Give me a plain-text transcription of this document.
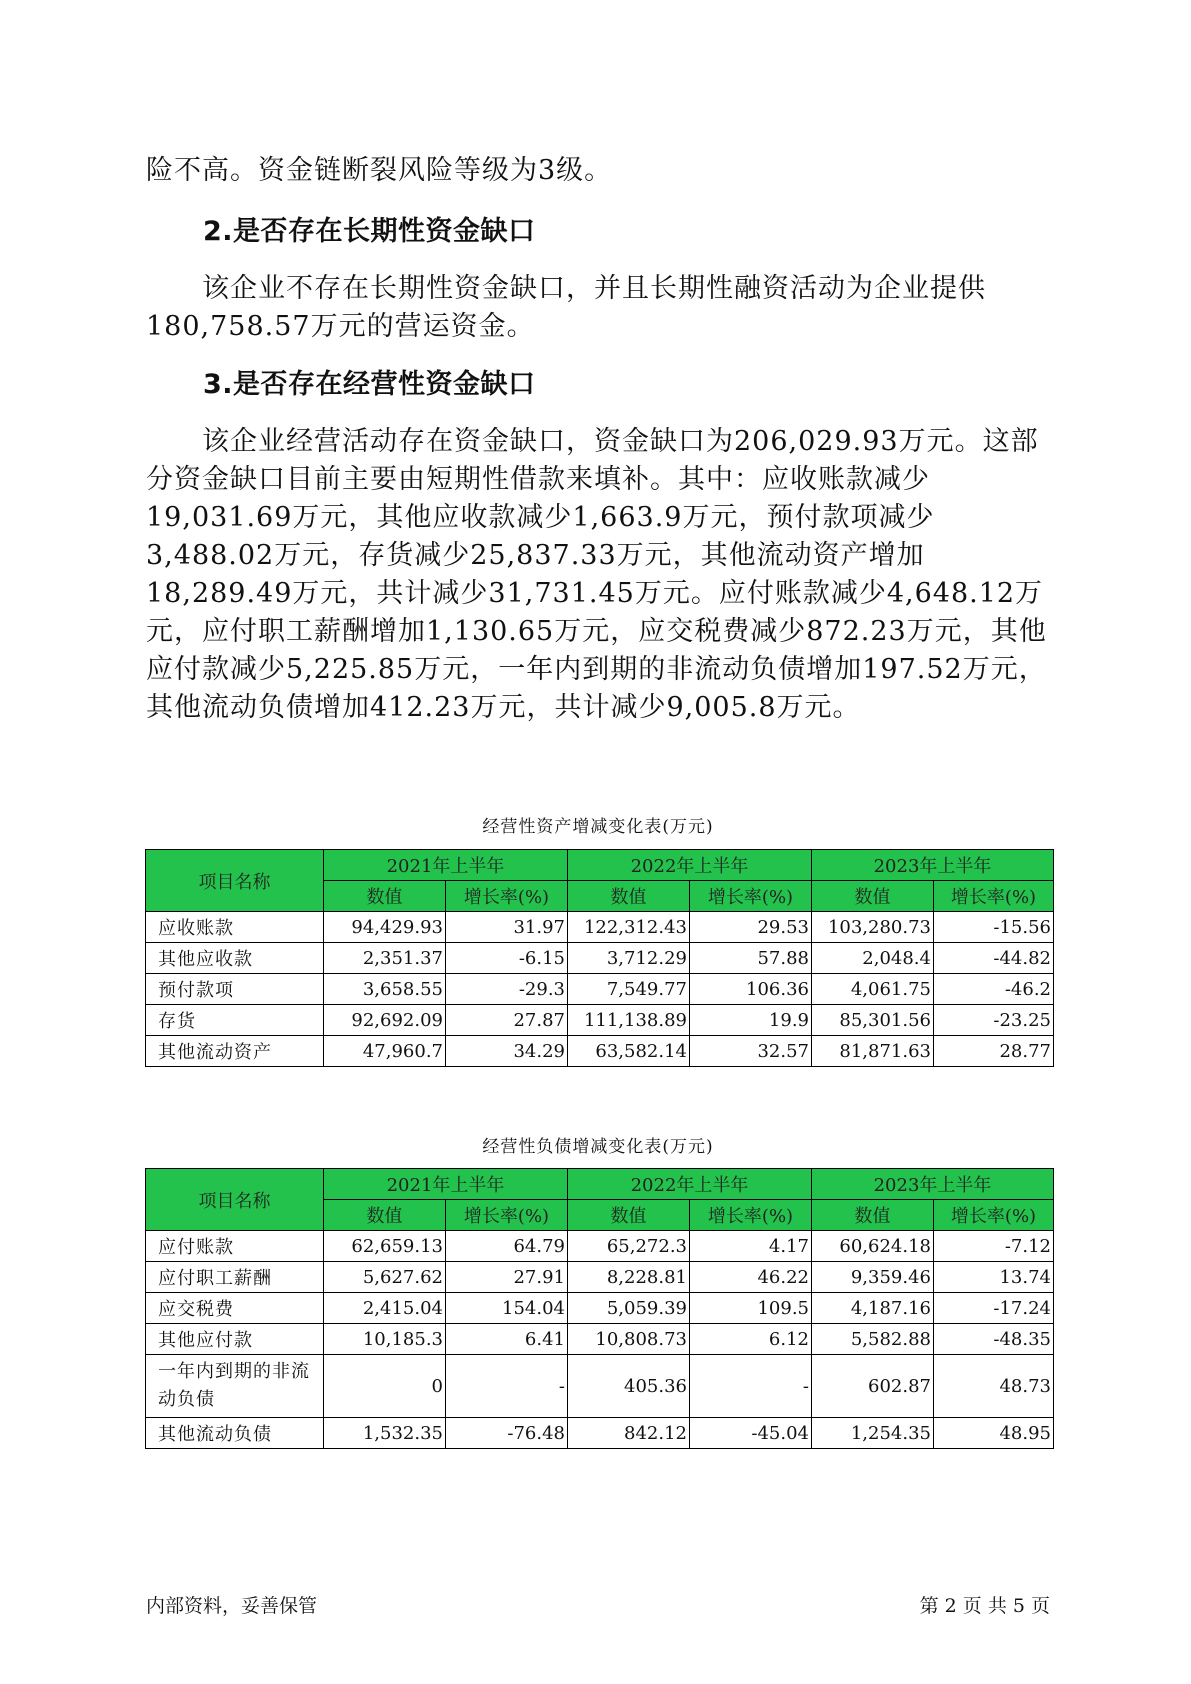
险不高。资金链断裂风险等级为3级。

2.是否存在长期性资金缺口

该企业不存在长期性资金缺口，并且长期性融资活动为企业提供180,758.57万元的营运资金。

3.是否存在经营性资金缺口

该企业经营活动存在资金缺口，资金缺口为206,029.93万元。这部分资金缺口目前主要由短期性借款来填补。其中：应收账款减少19,031.69万元，其他应收款减少1,663.9万元，预付款项减少3,488.02万元，存货减少25,837.33万元，其他流动资产增加18,289.49万元，共计减少31,731.45万元。应付账款减少4,648.12万元，应付职工薪酬增加1,130.65万元，应交税费减少872.23万元，其他应付款减少5,225.85万元，一年内到期的非流动负债增加197.52万元，其他流动负债增加412.23万元，共计减少9,005.8万元。

经营性资产增减变化表(万元)
项目名称	2021年上半年		2022年上半年		2023年上半年	
	数值	增长率(%)	数值	增长率(%)	数值	增长率(%)
应收账款	94,429.93	31.97	122,312.43	29.53	103,280.73	-15.56
其他应收款	2,351.37	-6.15	3,712.29	57.88	2,048.4	-44.82
预付款项	3,658.55	-29.3	7,549.77	106.36	4,061.75	-46.2
存货	92,692.09	27.87	111,138.89	19.9	85,301.56	-23.25
其他流动资产	47,960.7	34.29	63,582.14	32.57	81,871.63	28.77
经营性负债增减变化表(万元)
项目名称	2021年上半年		2022年上半年		2023年上半年	
	数值	增长率(%)	数值	增长率(%)	数值	增长率(%)
应付账款	62,659.13	64.79	65,272.3	4.17	60,624.18	-7.12
应付职工薪酬	5,627.62	27.91	8,228.81	46.22	9,359.46	13.74
应交税费	2,415.04	154.04	5,059.39	109.5	4,187.16	-17.24
其他应付款	10,185.3	6.41	10,808.73	6.12	5,582.88	-48.35
一年内到期的非流动负债	0	-	405.36	-	602.87	48.73
其他流动负债	1,532.35	-76.48	842.12	-45.04	1,254.35	48.95
内部资料，妥善保管	第 2 页 共 5 页
